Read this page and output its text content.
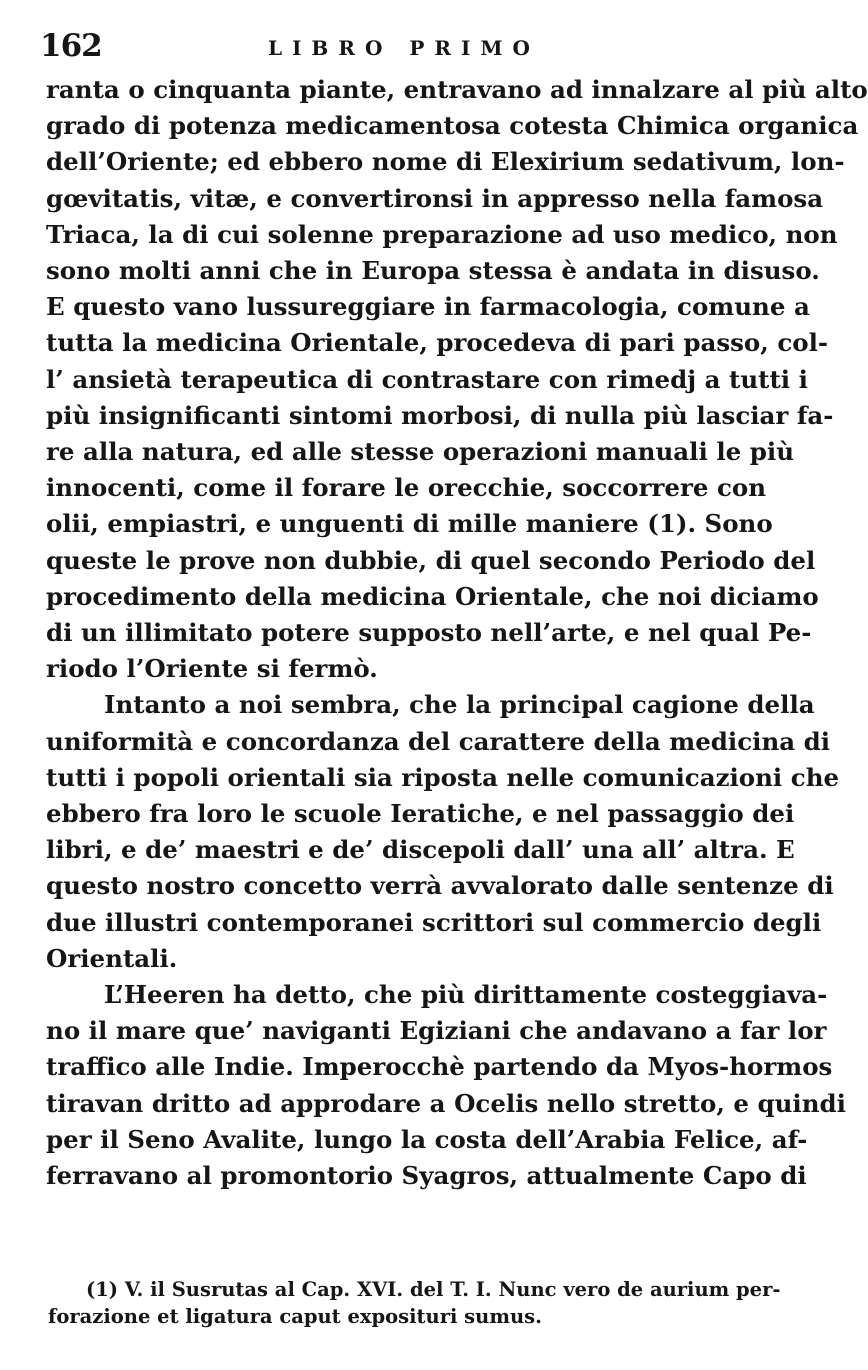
162	LIBRO PRIMO
ranta o cinquanta piante, entravano ad innalzare al più alto
grado di potenza medicamentosa cotesta Chimica organica
dell’Oriente; ed ebbero nome di Elexirium sedativum, lon-
gœvitatis, vitæ, e convertironsi in appresso nella famosa
Triaca, la di cui solenne preparazione ad uso medico, non
sono molti anni che in Europa stessa è andata in disuso.
E questo vano lussureggiare in farmacologia, comune a
tutta la medicina Orientale, procedeva di pari passo, col-
l’ ansietà terapeutica di contrastare con rimedj a tutti i
più insignificanti sintomi morbosi, di nulla più lasciar fa-
re alla natura, ed alle stesse operazioni manuali le più
innocenti, come il forare le orecchie, soccorrere con
olii, empiastri, e unguenti di mille maniere (1). Sono
queste le prove non dubbie, di quel secondo Periodo del
procedimento della medicina Orientale, che noi diciamo
di un illimitato potere supposto nell’arte, e nel qual Pe-
riodo l’Oriente si fermò.
Intanto a noi sembra, che la principal cagione della
uniformità e concordanza del carattere della medicina di
tutti i popoli orientali sia riposta nelle comunicazioni che
ebbero fra loro le scuole Ieratiche, e nel passaggio dei
libri, e de’ maestri e de’ discepoli dall’ una all’ altra. E
questo nostro concetto verrà avvalorato dalle sentenze di
due illustri contemporanei scrittori sul commercio degli
Orientali.
L’Heeren ha detto, che più dirittamente costeggiava-
no il mare que’ naviganti Egiziani che andavano a far lor
traffico alle Indie. Imperocchè partendo da Myos-hormos
tiravan dritto ad approdare a Ocelis nello stretto, e quindi
per il Seno Avalite, lungo la costa dell’Arabia Felice, af-
ferravano al promontorio Syagros, attualmente Capo di
(1) V. il Susrutas al Cap. XVI. del T. I. Nunc vero de aurium per-
forazione et ligatura caput exposituri sumus.
